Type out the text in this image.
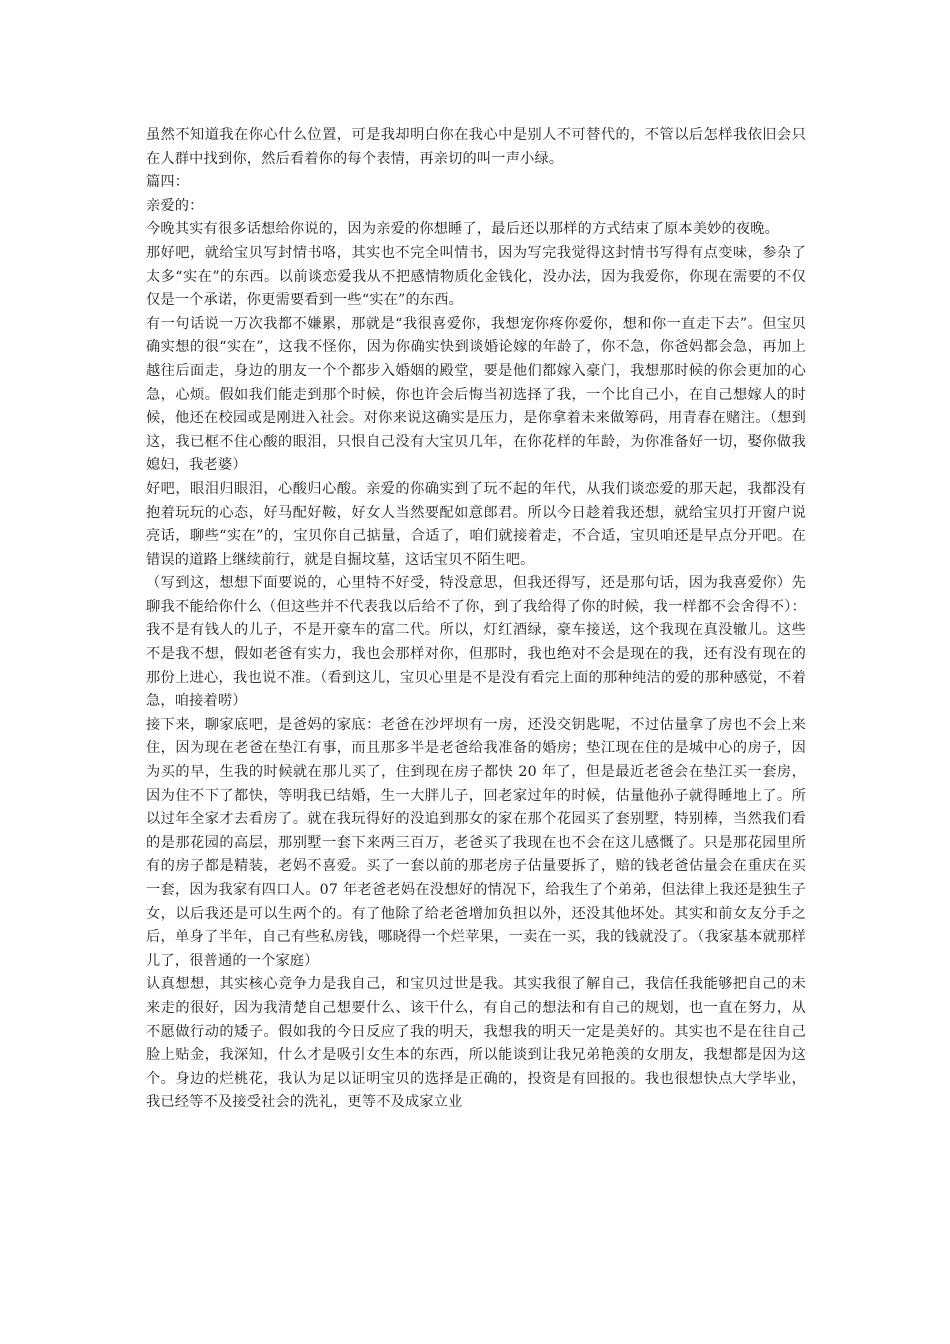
虽然不知道我在你心什么位置，可是我却明白你在我心中是别人不可替代的，不管以后怎样我依旧会只在人群中找到你，然后看着你的每个表情，再亲切的叫一声小绿。

篇四：

亲爱的：

今晚其实有很多话想给你说的，因为亲爱的你想睡了，最后还以那样的方式结束了原本美妙的夜晚。

那好吧，就给宝贝写封情书咯，其实也不完全叫情书，因为写完我觉得这封情书写得有点变味，参杂了太多“实在”的东西。以前谈恋爱我从不把感情物质化金钱化，没办法，因为我爱你，你现在需要的不仅仅是一个承诺，你更需要看到一些“实在”的东西。

有一句话说一万次我都不嫌累，那就是“我很喜爱你，我想宠你疼你爱你，想和你一直走下去”。但宝贝确实想的很“实在”，这我不怪你，因为你确实快到谈婚论嫁的年龄了，你不急，你爸妈都会急，再加上越往后面走，身边的朋友一个个都步入婚姻的殿堂，要是他们都嫁入豪门，我想那时候的你会更加的心急，心烦。假如我们能走到那个时候，你也许会后悔当初选择了我，一个比自己小，在自己想嫁人的时候，他还在校园或是刚进入社会。对你来说这确实是压力，是你拿着未来做筹码，用青春在赌注。（想到这，我已框不住心酸的眼泪，只恨自己没有大宝贝几年，在你花样的年龄，为你准备好一切，娶你做我媳妇，我老婆）

好吧，眼泪归眼泪，心酸归心酸。亲爱的你确实到了玩不起的年代，从我们谈恋爱的那天起，我都没有抱着玩玩的心态，好马配好鞍，好女人当然要配如意郎君。所以今日趁着我还想，就给宝贝打开窗户说亮话，聊些“实在”的，宝贝你自己掂量，合适了，咱们就接着走，不合适，宝贝咱还是早点分开吧。在错误的道路上继续前行，就是自掘坟墓，这话宝贝不陌生吧。

（写到这，想想下面要说的，心里特不好受，特没意思，但我还得写，还是那句话，因为我喜爱你）先聊我不能给你什么（但这些并不代表我以后给不了你，到了我给得了你的时候，我一样都不会舍得不）：我不是有钱人的儿子，不是开豪车的富二代。所以，灯红酒绿，豪车接送，这个我现在真没辙儿。这些不是我不想，假如老爸有实力，我也会那样对你，但那时，我也绝对不会是现在的我，还有没有现在的那份上进心，我也说不准。（看到这儿，宝贝心里是不是没有看完上面的那种纯洁的爱的那种感觉，不着急，咱接着唠）

接下来，聊家底吧，是爸妈的家底：老爸在沙坪坝有一房，还没交钥匙呢，不过估量拿了房也不会上来住，因为现在老爸在垫江有事，而且那多半是老爸给我准备的婚房；垫江现在住的是城中心的房子，因为买的早，生我的时候就在那儿买了，住到现在房子都快 20 年了，但是最近老爸会在垫江买一套房，因为住不下了都快，等明我已结婚，生一大胖儿子，回老家过年的时候，估量他孙子就得睡地上了。所以过年全家才去看房了。就在我玩得好的没追到那女的家在那个花园买了套别墅，特别棒，当然我们看的是那花园的高层，那别墅一套下来两三百万，老爸买了我现在也不会在这儿感慨了。只是那花园里所有的房子都是精装，老妈不喜爱。买了一套以前的那老房子估量要拆了，赔的钱老爸估量会在重庆在买一套，因为我家有四口人。07 年老爸老妈在没想好的情况下，给我生了个弟弟，但法律上我还是独生子女，以后我还是可以生两个的。有了他除了给老爸增加负担以外，还没其他坏处。其实和前女友分手之后，单身了半年，自己有些私房钱，哪晓得一个烂苹果，一卖在一买，我的钱就没了。（我家基本就那样儿了，很普通的一个家庭）

认真想想，其实核心竞争力是我自己，和宝贝过世是我。其实我很了解自己，我信任我能够把自己的未来走的很好，因为我清楚自己想要什么、该干什么，有自己的想法和有自己的规划，也一直在努力，从不愿做行动的矮子。假如我的今日反应了我的明天，我想我的明天一定是美好的。其实也不是在往自己脸上贴金，我深知，什么才是吸引女生本的东西，所以能谈到让我兄弟艳羡的女朋友，我想都是因为这个。身边的烂桃花，我认为足以证明宝贝的选择是正确的，投资是有回报的。我也很想快点大学毕业，我已经等不及接受社会的洗礼，更等不及成家立业
